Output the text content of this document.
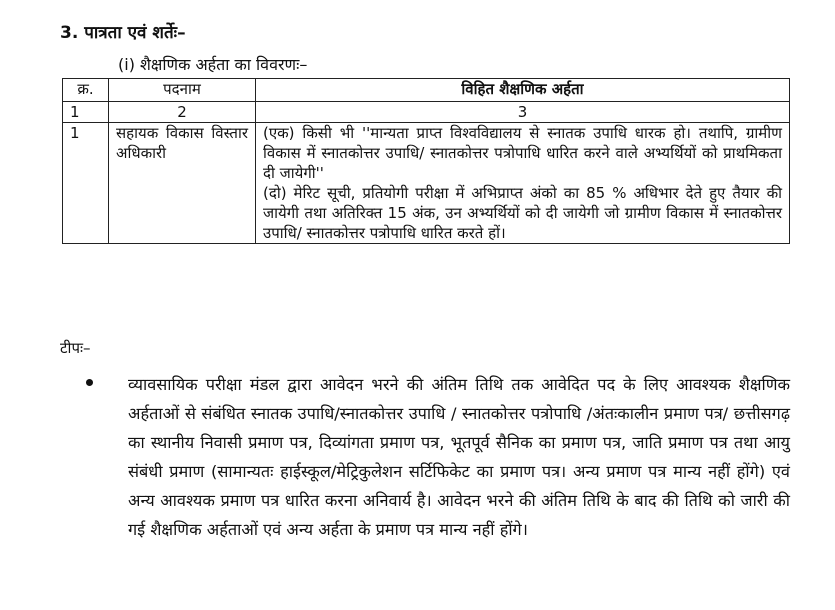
3. पात्रता एवं शर्तेः–
(i) शैक्षणिक अर्हता का विवरणः–
क्र.	पदनाम	विहित शैक्षणिक अर्हता
1	2	3
1	सहायक विकास विस्तार अधिकारी	(एक) किसी भी ''मान्यता प्राप्त विश्वविद्यालय से स्नातक उपाधि धारक हो। तथापि, ग्रामीण विकास में स्नातकोत्तर उपाधि/ स्नातकोत्तर पत्रोपाधि धारित करने वाले अभ्यर्थियों को प्राथमिकता दी जायेगी''

(दो) मेरिट सूची, प्रतियोगी परीक्षा में अभिप्राप्त अंको का 85 % अधिभार देते हुए तैयार की जायेगी तथा अतिरिक्त 15 अंक, उन अभ्यर्थियों को दी जायेगी जो ग्रामीण विकास में स्नातकोत्तर उपाधि/ स्नातकोत्तर पत्रोपाधि धारित करते हों।

टीपः–

व्यावसायिक परीक्षा मंडल द्वारा आवेदन भरने की अंतिम तिथि तक आवेदित पद के लिए आवश्यक शैक्षणिक अर्हताओं से संबंधित स्नातक उपाधि/स्नातकोत्तर उपाधि / स्नातकोत्तर पत्रोपाधि /अंतःकालीन प्रमाण पत्र/ छत्तीसगढ़ का स्थानीय निवासी प्रमाण पत्र, दिव्यांगता प्रमाण पत्र, भूतपूर्व सैनिक का प्रमाण पत्र, जाति प्रमाण पत्र तथा आयु संबंधी प्रमाण (सामान्यतः हाईस्कूल/मेट्रिकुलेशन सर्टिफिकेट का प्रमाण पत्र। अन्य प्रमाण पत्र मान्य नहीं होंगे) एवं अन्य आवश्यक प्रमाण पत्र धारित करना अनिवार्य है। आवेदन भरने की अंतिम तिथि के बाद की तिथि को जारी की गई शैक्षणिक अर्हताओं एवं अन्य अर्हता के प्रमाण पत्र मान्य नहीं होंगे।
